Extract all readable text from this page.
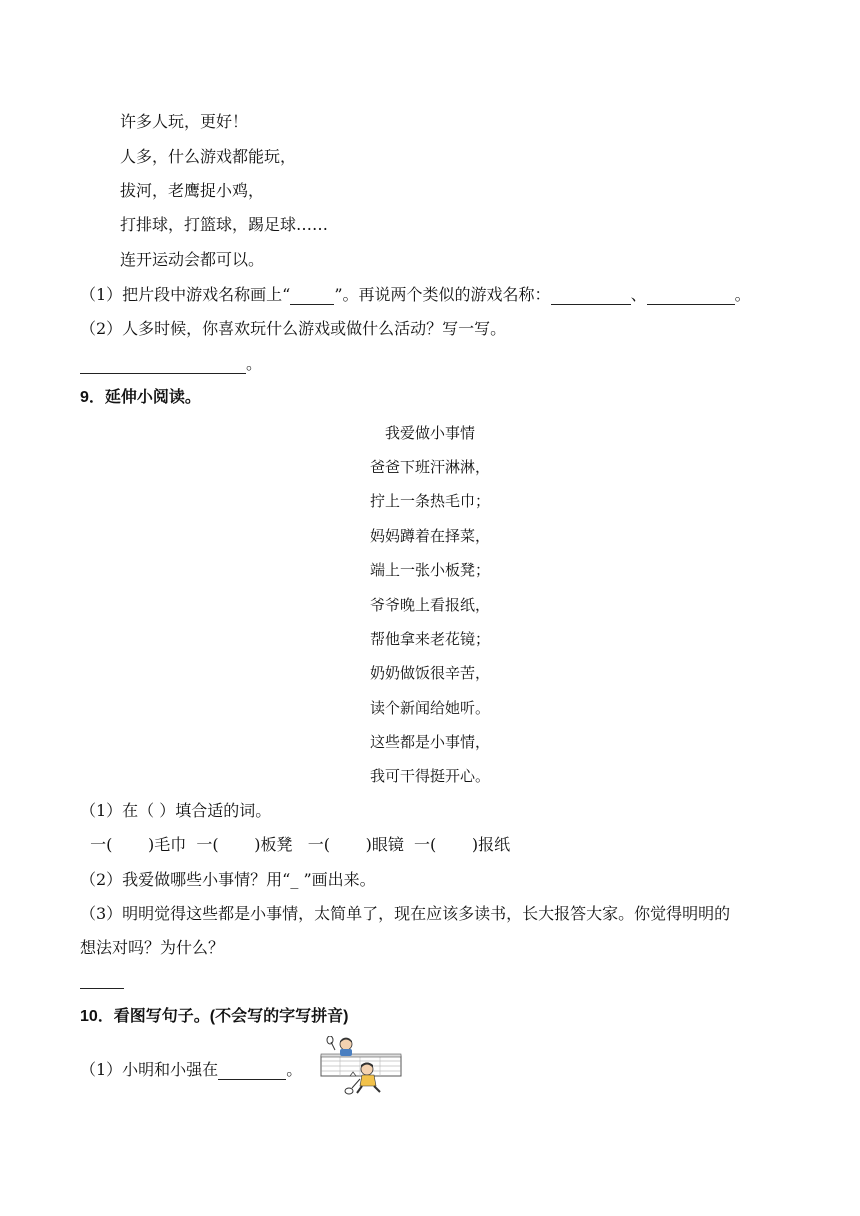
许多人玩，更好！
人多，什么游戏都能玩，
拔河，老鹰捉小鸡，
打排球，打篮球，踢足球……
连开运动会都可以。
（1）把片段中游戏名称画上“	”。再说两个类似的游戏名称：	、	。
（2）人多时候，你喜欢玩什么游戏或做什么活动？写一写。
。
9．延伸小阅读。
我爱做小事情
爸爸下班汗淋淋，
拧上一条热毛巾；
妈妈蹲着在择菜，
端上一张小板凳；
爷爷晚上看报纸，
帮他拿来老花镜；
奶奶做饭很辛苦，
读个新闻给她听。
这些都是小事情，
我可干得挺开心。
（1）在（ ）填合适的词。
一(       )毛巾  一(       )板凳   一(       )眼镜  一(       )报纸
（2）我爱做哪些小事情？用“_ ”画出来。
（3）明明觉得这些都是小事情，太简单了，现在应该多读书，长大报答大家。你觉得明明的
想法对吗？为什么？
10．看图写句子。(不会写的字写拼音)
（1）小明和小强在	。
